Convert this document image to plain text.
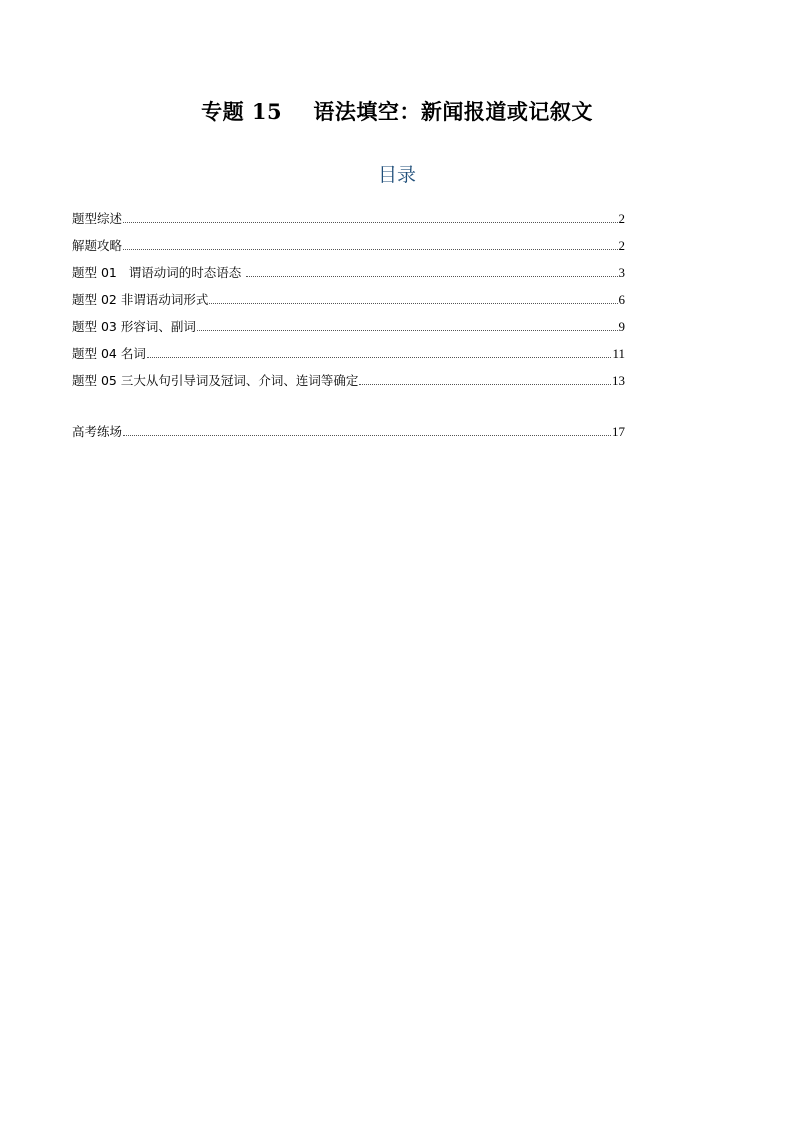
专题 15    语法填空：新闻报道或记叙文
目录
题型综述	2
解题攻略	2
题型 01   谓语动词的时态语态	3
题型 02 非谓语动词形式	6
题型 03 形容词、副词	9
题型 04 名词	11
题型 05 三大从句引导词及冠词、介词、连词等确定	13
高考练场	17
